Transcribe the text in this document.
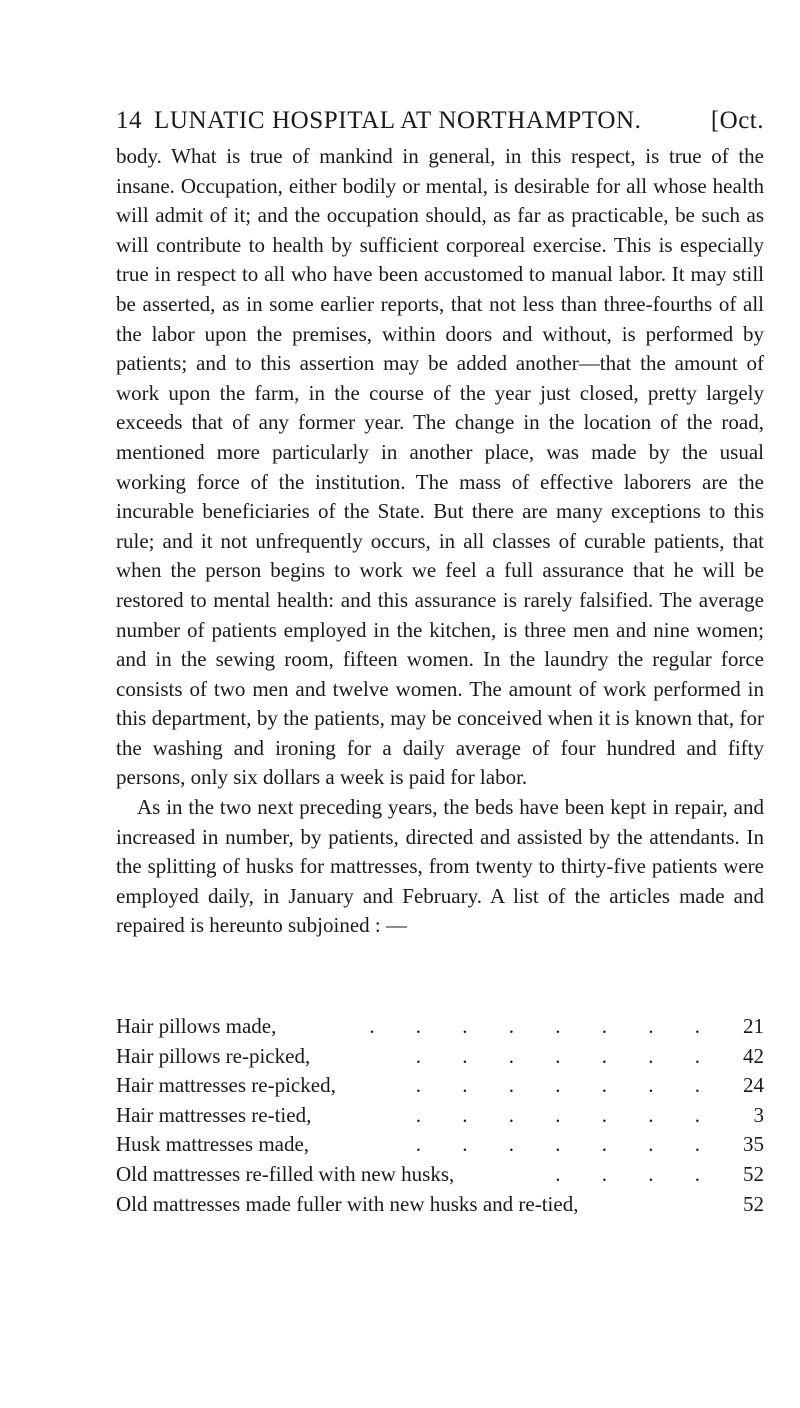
14 LUNATIC HOSPITAL AT NORTHAMPTON.	[Oct.

body. What is true of mankind in general, in this respect, is true of the insane. Occupation, either bodily or mental, is desirable for all whose health will admit of it; and the occupation should, as far as practicable, be such as will contribute to health by sufficient corporeal exercise. This is especially true in respect to all who have been accustomed to manual labor. It may still be asserted, as in some earlier reports, that not less than three-fourths of all the labor upon the premises, within doors and without, is performed by patients; and to this assertion may be added another—that the amount of work upon the farm, in the course of the year just closed, pretty largely exceeds that of any former year. The change in the location of the road, mentioned more particularly in another place, was made by the usual working force of the institution. The mass of effective laborers are the incurable beneficiaries of the State. But there are many exceptions to this rule; and it not unfrequently occurs, in all classes of curable patients, that when the person begins to work we feel a full assurance that he will be restored to mental health: and this assurance is rarely falsified. The average number of patients employed in the kitchen, is three men and nine women; and in the sewing room, fifteen women. In the laundry the regular force consists of two men and twelve women. The amount of work performed in this department, by the patients, may be conceived when it is known that, for the washing and ironing for a daily average of four hundred and fifty persons, only six dollars a week is paid for labor.

As in the two next preceding years, the beds have been kept in repair, and increased in number, by patients, directed and assisted by the attendants. In the splitting of husks for mattresses, from twenty to thirty-five patients were employed daily, in January and February. A list of the articles made and repaired is hereunto subjoined : —

Hair pillows made,	. . . . . . . .	21
Hair pillows re-picked,	. . . . . . .	42
Hair mattresses re-picked,	. . . . . . .	24
Hair mattresses re-tied,	. . . . . . .	3
Husk mattresses made,	. . . . . . .	35
Old mattresses re-filled with new husks,	. . . .	52
Old mattresses made fuller with new husks and re-tied,	52
